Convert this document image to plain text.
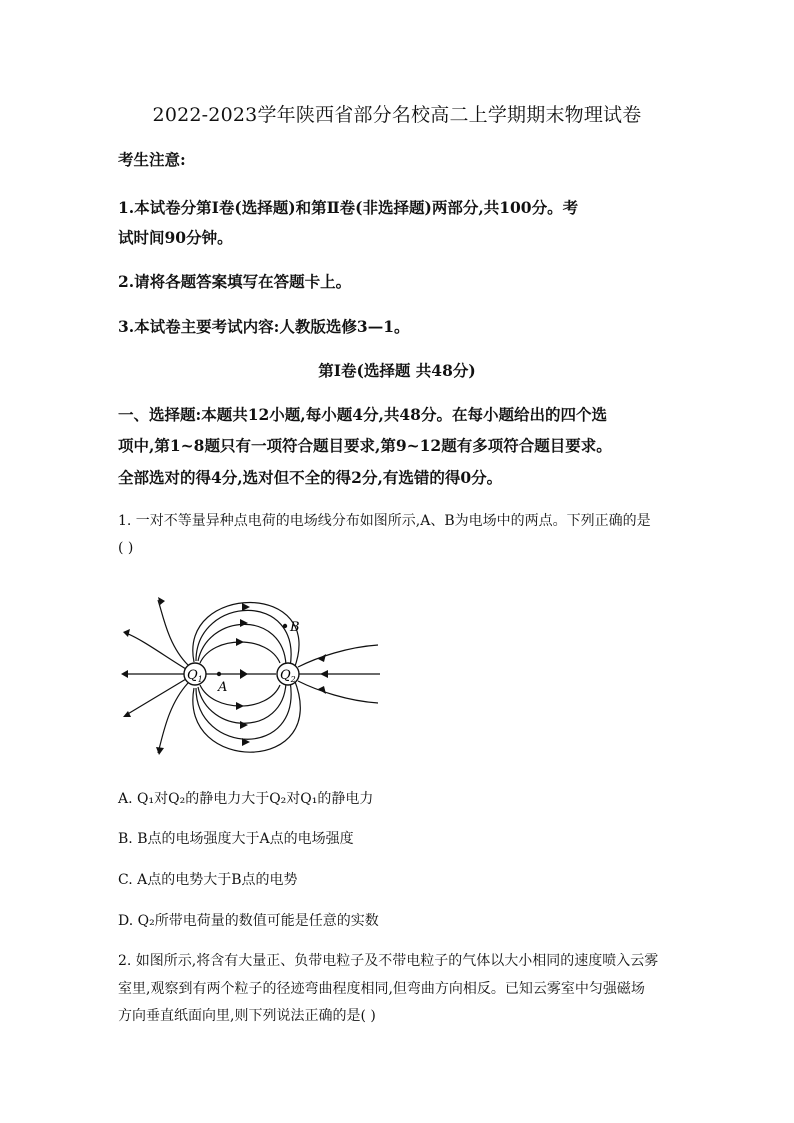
2022-2023学年陕西省部分名校高二上学期期末物理试卷
考生注意:
1.本试卷分第Ⅰ卷(选择题)和第Ⅱ卷(非选择题)两部分,共100分。考
试时间90分钟。
2.请将各题答案填写在答题卡上。
3.本试卷主要考试内容:人教版选修3—1。
第Ⅰ卷(选择题 共48分)
一、选择题:本题共12小题,每小题4分,共48分。在每小题给出的四个选
项中,第1~8题只有一项符合题目要求,第9~12题有多项符合题目要求。
全部选对的得4分,选对但不全的得2分,有选错的得0分。
1. 一对不等量异种点电荷的电场线分布如图所示,A、B为电场中的两点。下列正确的是
( )
$Q_1$	$Q_2$
A
B
A. Q₁对Q₂的静电力大于Q₂对Q₁的静电力
B. B点的电场强度大于A点的电场强度
C. A点的电势大于B点的电势
D. Q₂所带电荷量的数值可能是任意的实数
2. 如图所示,将含有大量正、负带电粒子及不带电粒子的气体以大小相同的速度喷入云雾
室里,观察到有两个粒子的径迹弯曲程度相同,但弯曲方向相反。已知云雾室中匀强磁场
方向垂直纸面向里,则下列说法正确的是( )
